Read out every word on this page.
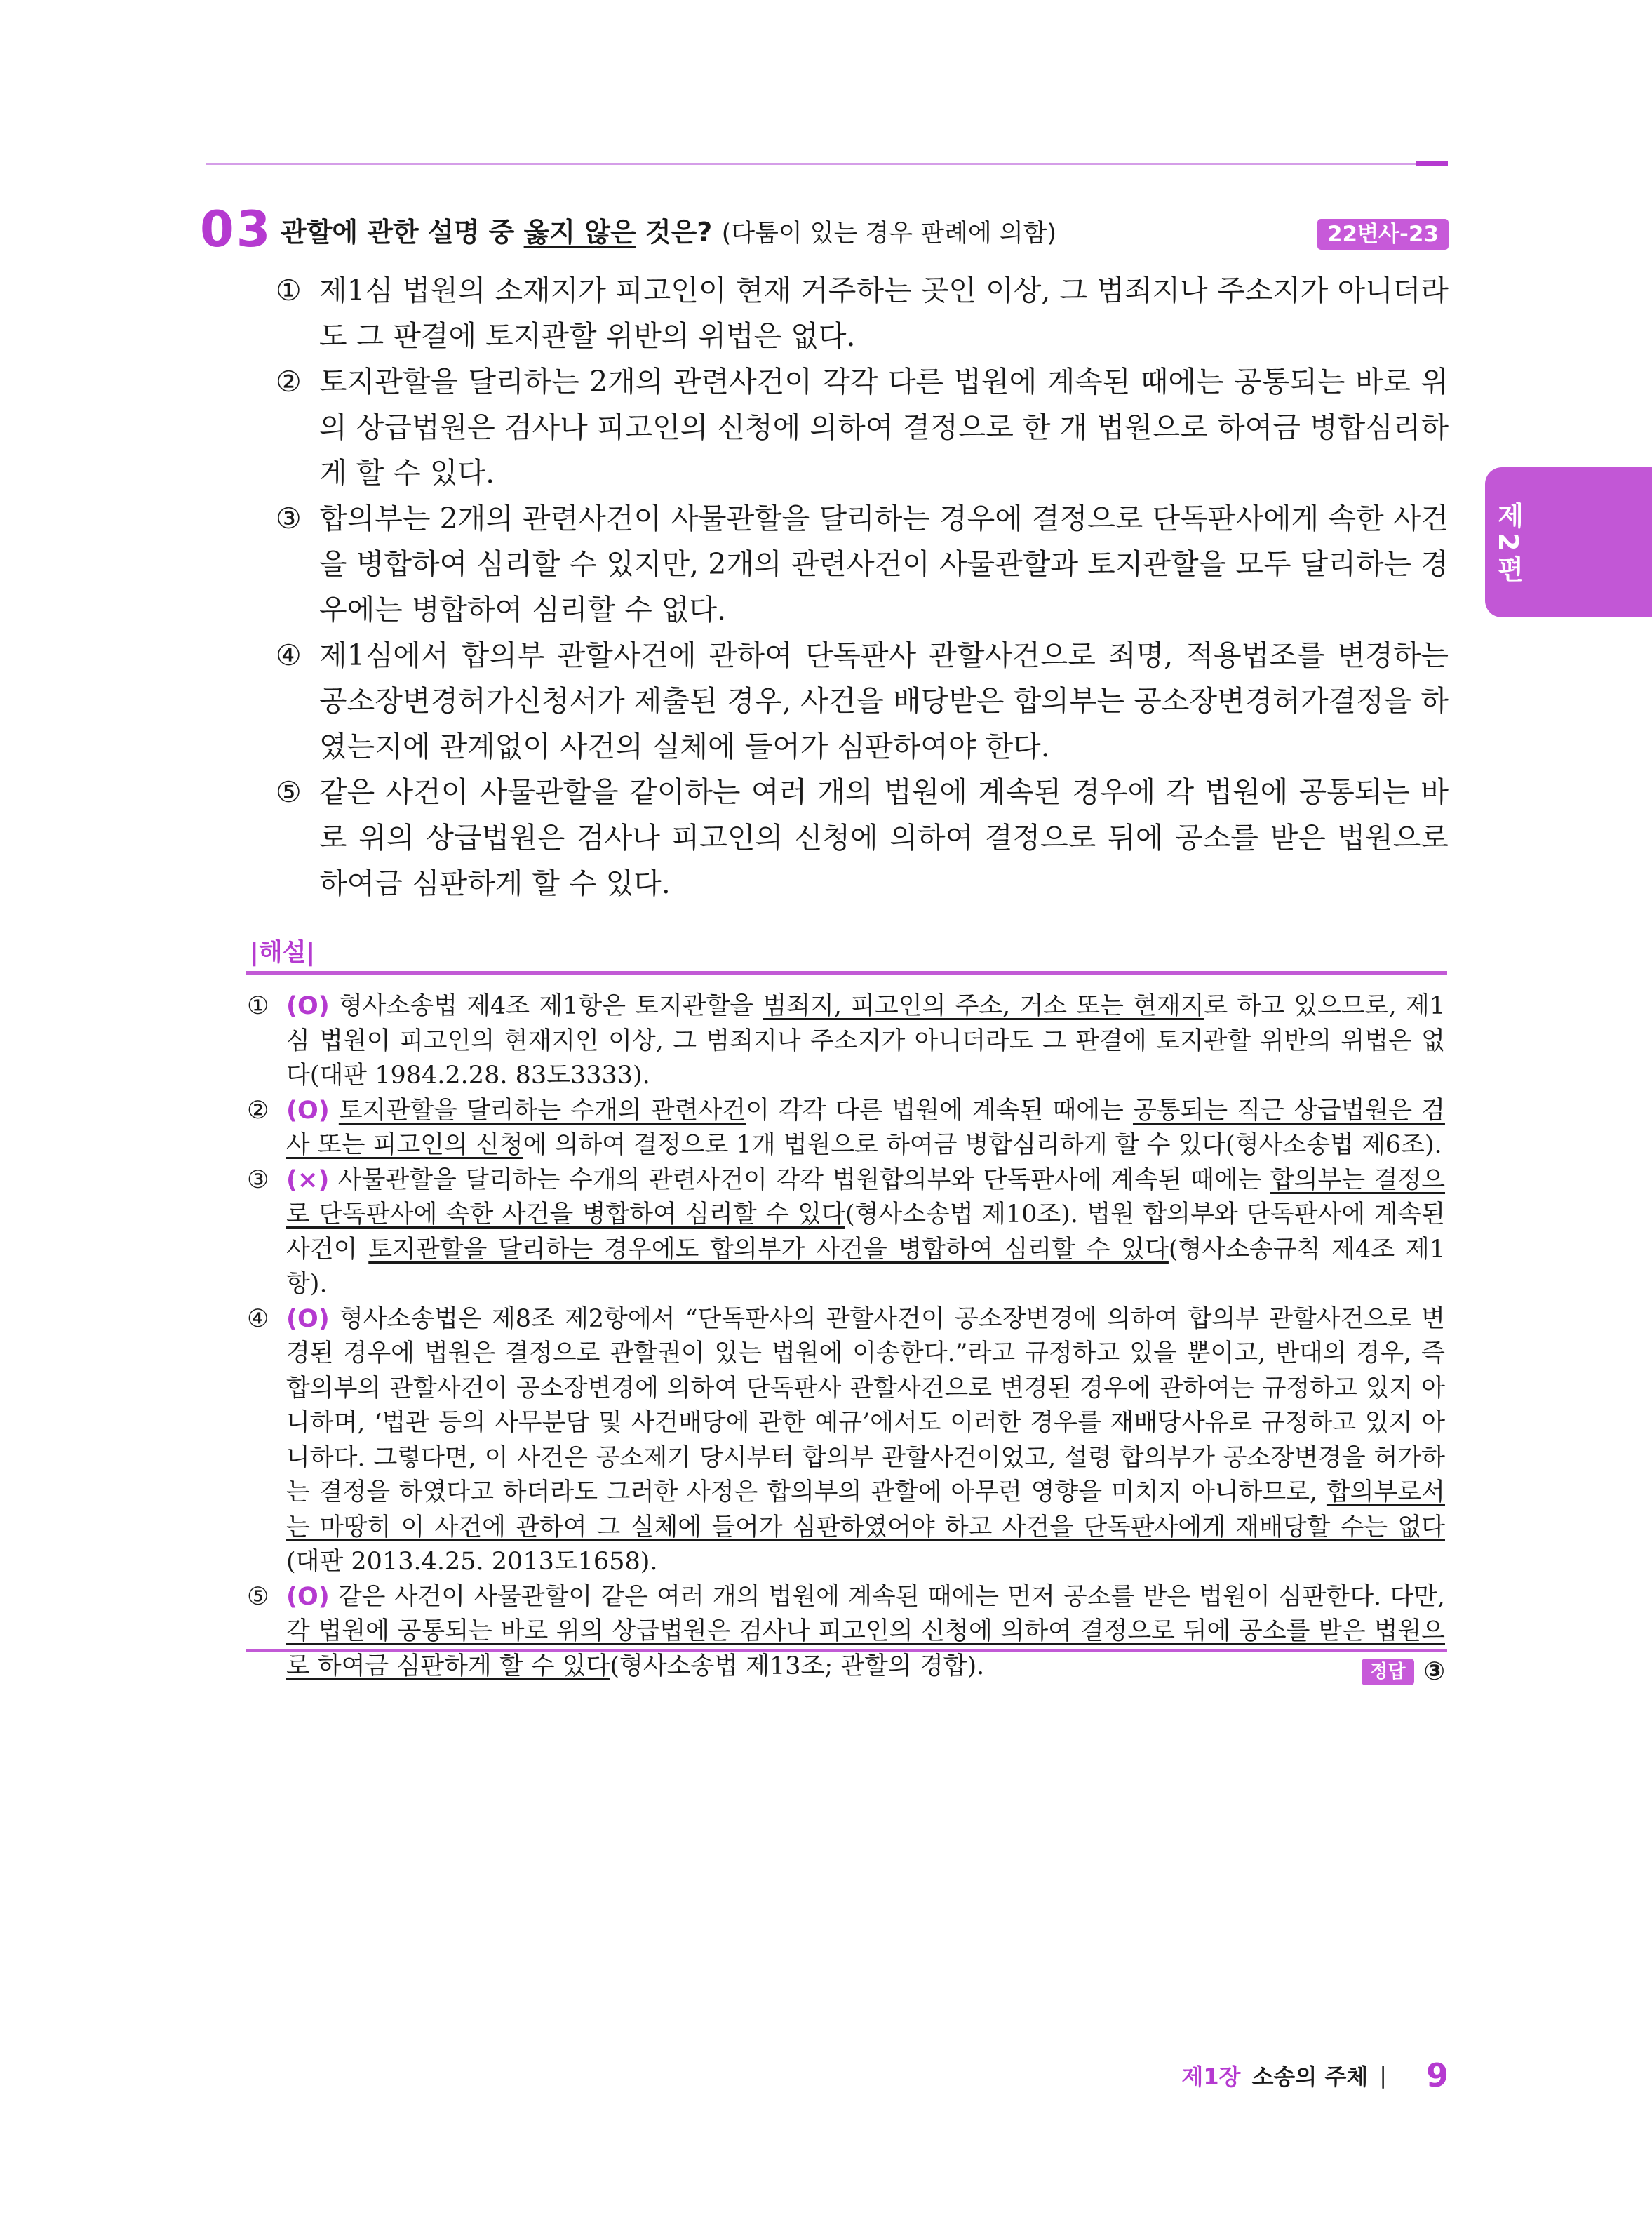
03 관할에 관한 설명 중 옳지 않은 것은? (다툼이 있는 경우 판례에 의함)	22변사-23
① 제1심 법원의 소재지가 피고인이 현재 거주하는 곳인 이상, 그 범죄지나 주소지가 아니더라도 그 판결에 토지관할 위반의 위법은 없다.
② 토지관할을 달리하는 2개의 관련사건이 각각 다른 법원에 계속된 때에는 공통되는 바로 위의 상급법원은 검사나 피고인의 신청에 의하여 결정으로 한 개 법원으로 하여금 병합심리하게 할 수 있다.
③ 합의부는 2개의 관련사건이 사물관할을 달리하는 경우에 결정으로 단독판사에게 속한 사건을 병합하여 심리할 수 있지만, 2개의 관련사건이 사물관할과 토지관할을 모두 달리하는 경우에는 병합하여 심리할 수 없다.
④ 제1심에서 합의부 관할사건에 관하여 단독판사 관할사건으로 죄명, 적용법조를 변경하는 공소장변경허가신청서가 제출된 경우, 사건을 배당받은 합의부는 공소장변경허가결정을 하였는지에 관계없이 사건의 실체에 들어가 심판하여야 한다.
⑤ 같은 사건이 사물관할을 같이하는 여러 개의 법원에 계속된 경우에 각 법원에 공통되는 바로 위의 상급법원은 검사나 피고인의 신청에 의하여 결정으로 뒤에 공소를 받은 법원으로 하여금 심판하게 할 수 있다.
제2편
|해설|
① (O) 형사소송법 제4조 제1항은 토지관할을 범죄지, 피고인의 주소, 거소 또는 현재지로 하고 있으므로, 제1심 법원이 피고인의 현재지인 이상, 그 범죄지나 주소지가 아니더라도 그 판결에 토지관할 위반의 위법은 없다(대판 1984.2.28. 83도3333).
② (O) 토지관할을 달리하는 수개의 관련사건이 각각 다른 법원에 계속된 때에는 공통되는 직근 상급법원은 검사 또는 피고인의 신청에 의하여 결정으로 1개 법원으로 하여금 병합심리하게 할 수 있다(형사소송법 제6조).
③ (×) 사물관할을 달리하는 수개의 관련사건이 각각 법원합의부와 단독판사에 계속된 때에는 합의부는 결정으로 단독판사에 속한 사건을 병합하여 심리할 수 있다(형사소송법 제10조). 법원 합의부와 단독판사에 계속된 사건이 토지관할을 달리하는 경우에도 합의부가 사건을 병합하여 심리할 수 있다(형사소송규칙 제4조 제1항).
④ (O) 형사소송법은 제8조 제2항에서 “단독판사의 관할사건이 공소장변경에 의하여 합의부 관할사건으로 변경된 경우에 법원은 결정으로 관할권이 있는 법원에 이송한다.”라고 규정하고 있을 뿐이고, 반대의 경우, 즉 합의부의 관할사건이 공소장변경에 의하여 단독판사 관할사건으로 변경된 경우에 관하여는 규정하고 있지 아니하며, ‘법관 등의 사무분담 및 사건배당에 관한 예규’에서도 이러한 경우를 재배당사유로 규정하고 있지 아니하다. 그렇다면, 이 사건은 공소제기 당시부터 합의부 관할사건이었고, 설령 합의부가 공소장변경을 허가하는 결정을 하였다고 하더라도 그러한 사정은 합의부의 관할에 아무런 영향을 미치지 아니하므로, 합의부로서는 마땅히 이 사건에 관하여 그 실체에 들어가 심판하였어야 하고 사건을 단독판사에게 재배당할 수는 없다(대판 2013.4.25. 2013도1658).
⑤ (O) 같은 사건이 사물관할이 같은 여러 개의 법원에 계속된 때에는 먼저 공소를 받은 법원이 심판한다. 다만, 각 법원에 공통되는 바로 위의 상급법원은 검사나 피고인의 신청에 의하여 결정으로 뒤에 공소를 받은 법원으로 하여금 심판하게 할 수 있다(형사소송법 제13조; 관할의 경합).	정답 ③
제1장 소송의 주체 | 9
